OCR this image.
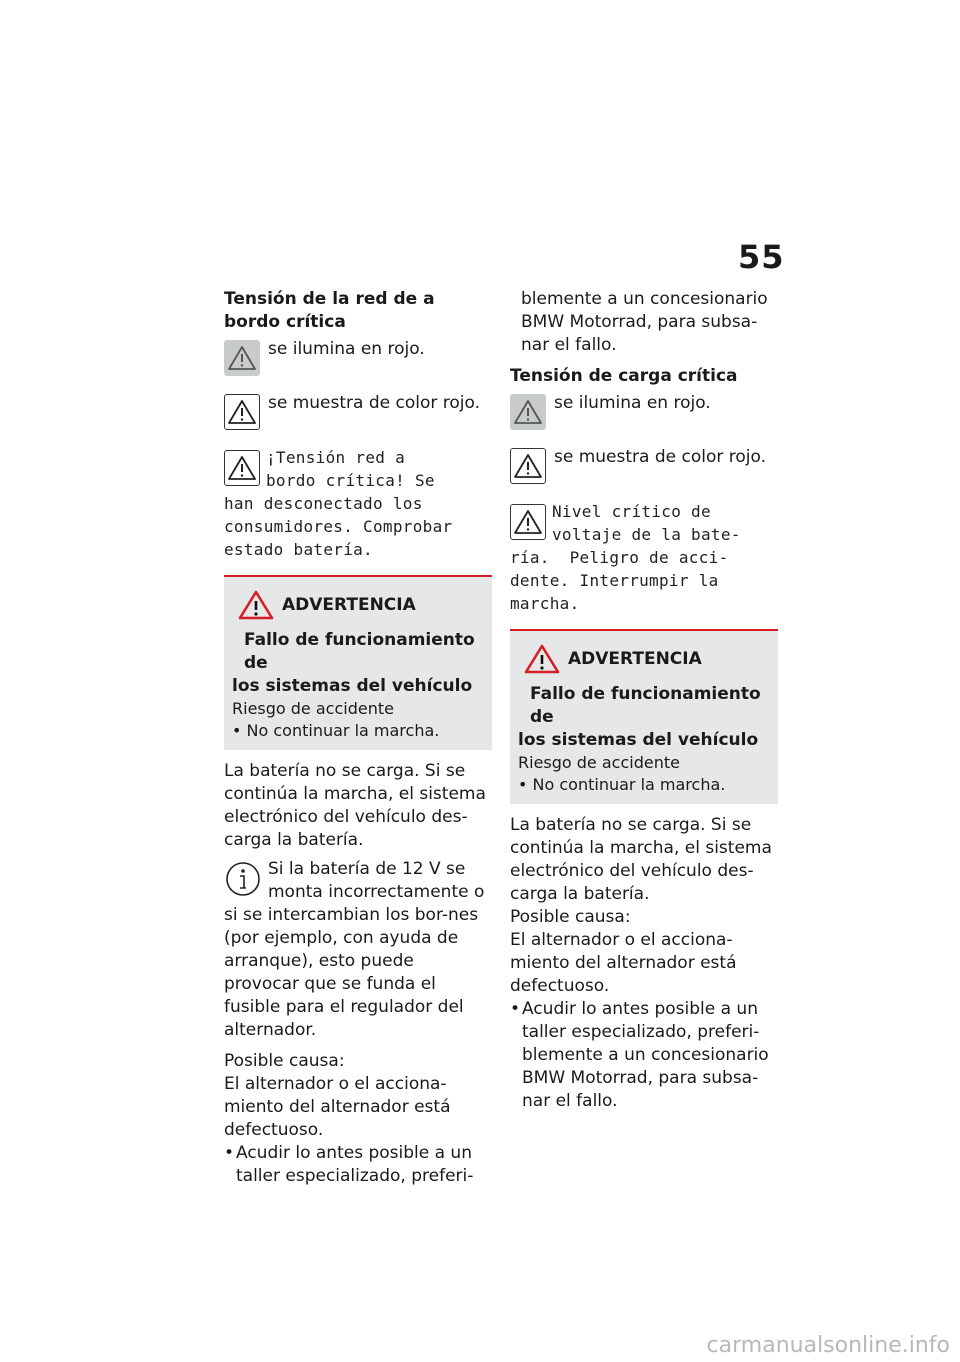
55
Tensión de la red de a bordo crítica
se ilumina en rojo.
se muestra de color rojo.
¡Tensión red a
bordo crítica! Se
han desconectado los
consumidores. Comprobar
estado batería.
ADVERTENCIA
Fallo de funcionamiento de
los sistemas del vehículo
Riesgo de accidente
• No continuar la marcha.

La batería no se carga. Si se continúa la marcha, el sistema electrónico del vehículo des-carga la batería.

Si la batería de 12 V se monta incorrectamente o si se intercambian los bor-nes (por ejemplo, con ayuda de arranque), esto puede provocar que se funda el fusible para el regulador del alternador.

Posible causa:

El alternador o el acciona-miento del alternador está defectuoso.

• Acudir lo antes posible a un taller especializado, preferi-

blemente a un concesionario BMW Motorrad, para subsa-nar el fallo.

Tensión de carga crítica
se ilumina en rojo.
se muestra de color rojo.
Nivel crítico de
voltaje de la bate-
ría.  Peligro de acci-
dente. Interrumpir la
marcha.
ADVERTENCIA
Fallo de funcionamiento de
los sistemas del vehículo
Riesgo de accidente
• No continuar la marcha.

La batería no se carga. Si se continúa la marcha, el sistema electrónico del vehículo des-carga la batería.

Posible causa:

El alternador o el acciona-miento del alternador está defectuoso.

• Acudir lo antes posible a un taller especializado, preferi-blemente a un concesionario BMW Motorrad, para subsa-nar el fallo.

carmanualsonline.info
